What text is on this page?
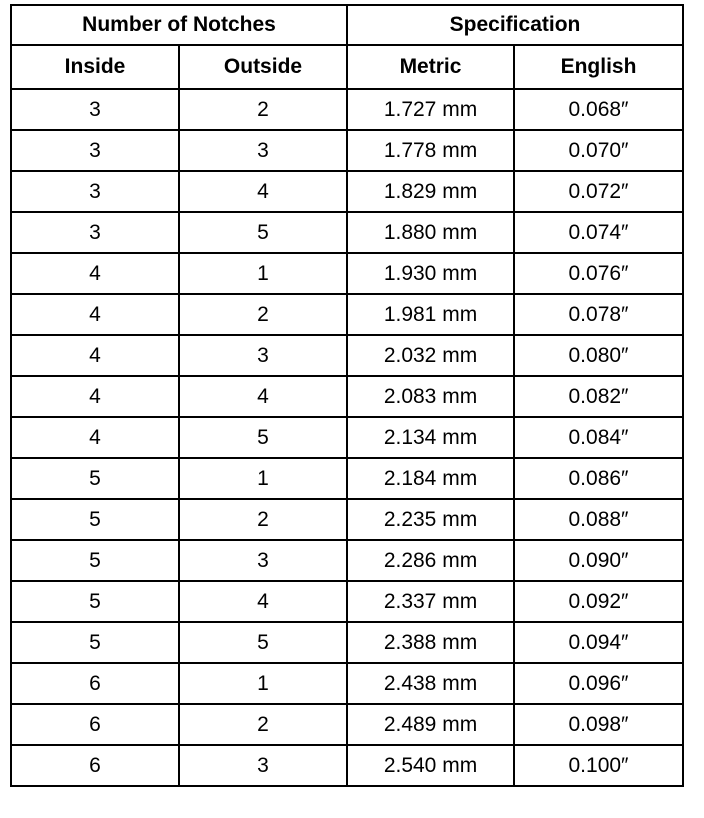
Number of Notches		Specification	
Inside	Outside	Metric	English
3	2	1.727 mm	0.068″
3	3	1.778 mm	0.070″
3	4	1.829 mm	0.072″
3	5	1.880 mm	0.074″
4	1	1.930 mm	0.076″
4	2	1.981 mm	0.078″
4	3	2.032 mm	0.080″
4	4	2.083 mm	0.082″
4	5	2.134 mm	0.084″
5	1	2.184 mm	0.086″
5	2	2.235 mm	0.088″
5	3	2.286 mm	0.090″
5	4	2.337 mm	0.092″
5	5	2.388 mm	0.094″
6	1	2.438 mm	0.096″
6	2	2.489 mm	0.098″
6	3	2.540 mm	0.100″
